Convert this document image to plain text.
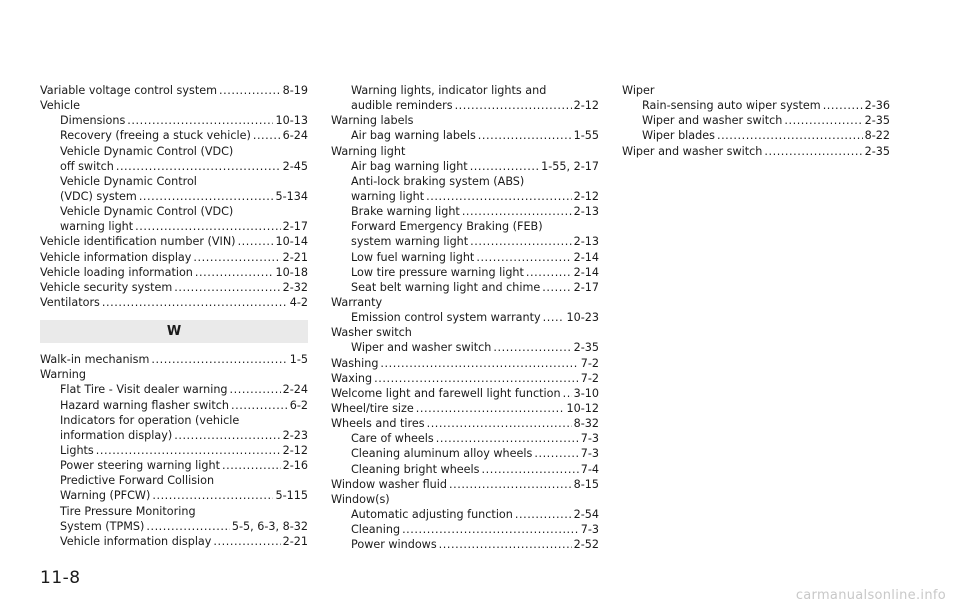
Variable voltage control system . . .	8-19
Vehicle
Dimensions . . .	10-13
Recovery (freeing a stuck vehicle) . . .	6-24
Vehicle Dynamic Control (VDC)
off switch . . .	2-45
Vehicle Dynamic Control
(VDC) system . . .	5-134
Vehicle Dynamic Control (VDC)
warning light . . .	2-17
Vehicle identification number (VIN) . . .	10-14
Vehicle information display . . .	2-21
Vehicle loading information . . .	10-18
Vehicle security system . . .	2-32
Ventilators . . .	4-2
W
Walk-in mechanism . . .	1-5
Warning
Flat Tire - Visit dealer warning . . .	2-24
Hazard warning flasher switch . . .	6-2
Indicators for operation (vehicle
information display) . . .	2-23
Lights . . .	2-12
Power steering warning light . . .	2-16
Predictive Forward Collision
Warning (PFCW) . . .	5-115
Tire Pressure Monitoring
System (TPMS) . . .	5-5, 6-3, 8-32
Vehicle information display . . .	2-21
Warning lights, indicator lights and
audible reminders . . .	2-12
Warning labels
Air bag warning labels . . .	1-55
Warning light
Air bag warning light . . .	1-55, 2-17
Anti-lock braking system (ABS)
warning light . . .	2-12
Brake warning light . . .	2-13
Forward Emergency Braking (FEB)
system warning light . . .	2-13
Low fuel warning light . . .	2-14
Low tire pressure warning light . . .	2-14
Seat belt warning light and chime . . .	2-17
Warranty
Emission control system warranty . . . 10-23
Washer switch
Wiper and washer switch . . .	2-35
Washing . . .	7-2
Waxing . . .	7-2
Welcome light and farewell light function . . . 3-10
Wheel/tire size . . .	10-12
Wheels and tires . . .	8-32
Care of wheels . . .	7-3
Cleaning aluminum alloy wheels . . .	7-3
Cleaning bright wheels . . .	7-4
Window washer fluid . . .	8-15
Window(s)
Automatic adjusting function . . .	2-54
Cleaning . . .	7-3
Power windows . . .	2-52
Wiper
Rain-sensing auto wiper system . . .	2-36
Wiper and washer switch . . .	2-35
Wiper blades . . .	8-22
Wiper and washer switch . . .	2-35
11-8
carmanualsonline.info
